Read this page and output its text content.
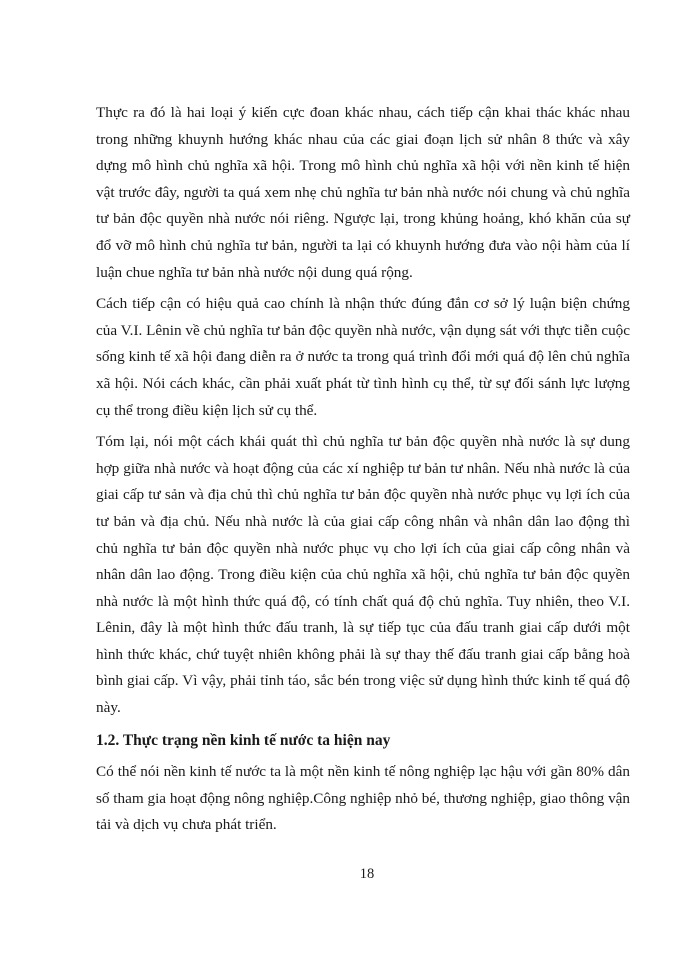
Thực ra đó là hai loại ý kiến cực đoan khác nhau, cách tiếp cận khai thác khác nhau trong những khuynh hướng khác nhau của các giai đoạn lịch sử nhân 8 thức và xây dựng mô hình chủ nghĩa xã hội. Trong mô hình chủ nghĩa xã hội với nền kinh tế hiện vật trước đây, người ta quá xem nhẹ chủ nghĩa tư bản nhà nước nói chung và chủ nghĩa tư bản độc quyền nhà nước nói riêng. Ngược lại, trong khủng hoảng, khó khăn của sự đổ vỡ mô hình chủ nghĩa tư bản, người ta lại có khuynh hướng đưa vào nội hàm của lí luận chue nghĩa tư bản nhà nước nội dung quá rộng.

Cách tiếp cận có hiệu quả cao chính là nhận thức đúng đắn cơ sở lý luận biện chứng của V.I. Lênin về chủ nghĩa tư bản độc quyền nhà nước, vận dụng sát với thực tiễn cuộc sống kinh tế xã hội đang diễn ra ở nước ta trong quá trình đổi mới quá độ lên chủ nghĩa xã hội. Nói cách khác, cần phải xuất phát từ tình hình cụ thể, từ sự đối sánh lực lượng cụ thể trong điều kiện lịch sử cụ thể.

Tóm lại, nói một cách khái quát thì chủ nghĩa tư bản độc quyền nhà nước là sự dung hợp giữa nhà nước và hoạt động của các xí nghiệp tư bản tư nhân. Nếu nhà nước là của giai cấp tư sản và địa chủ thì chủ nghĩa tư bản độc quyền nhà nước phục vụ lợi ích của tư bản và địa chủ. Nếu nhà nước là của giai cấp công nhân và nhân dân lao động thì chủ nghĩa tư bản độc quyền nhà nước phục vụ cho lợi ích của giai cấp công nhân và nhân dân lao động. Trong điều kiện của chủ nghĩa xã hội, chủ nghĩa tư bản độc quyền nhà nước là một hình thức quá độ, có tính chất quá độ chủ nghĩa. Tuy nhiên, theo V.I. Lênin, đây là một hình thức đấu tranh, là sự tiếp tục của đấu tranh giai cấp dưới một hình thức khác, chứ tuyệt nhiên không phải là sự thay thế đấu tranh giai cấp bằng hoà bình giai cấp. Vì vậy, phải tỉnh táo, sắc bén trong việc sử dụng hình thức kinh tế quá độ này.

1.2. Thực trạng nền kinh tế nước ta hiện nay

Có thể nói nền kinh tế nước ta là một nền kinh tế nông nghiệp lạc hậu với gần 80% dân số tham gia hoạt động nông nghiệp.Công nghiệp nhỏ bé, thương nghiệp, giao thông vận tải và dịch vụ chưa phát triển.

18
